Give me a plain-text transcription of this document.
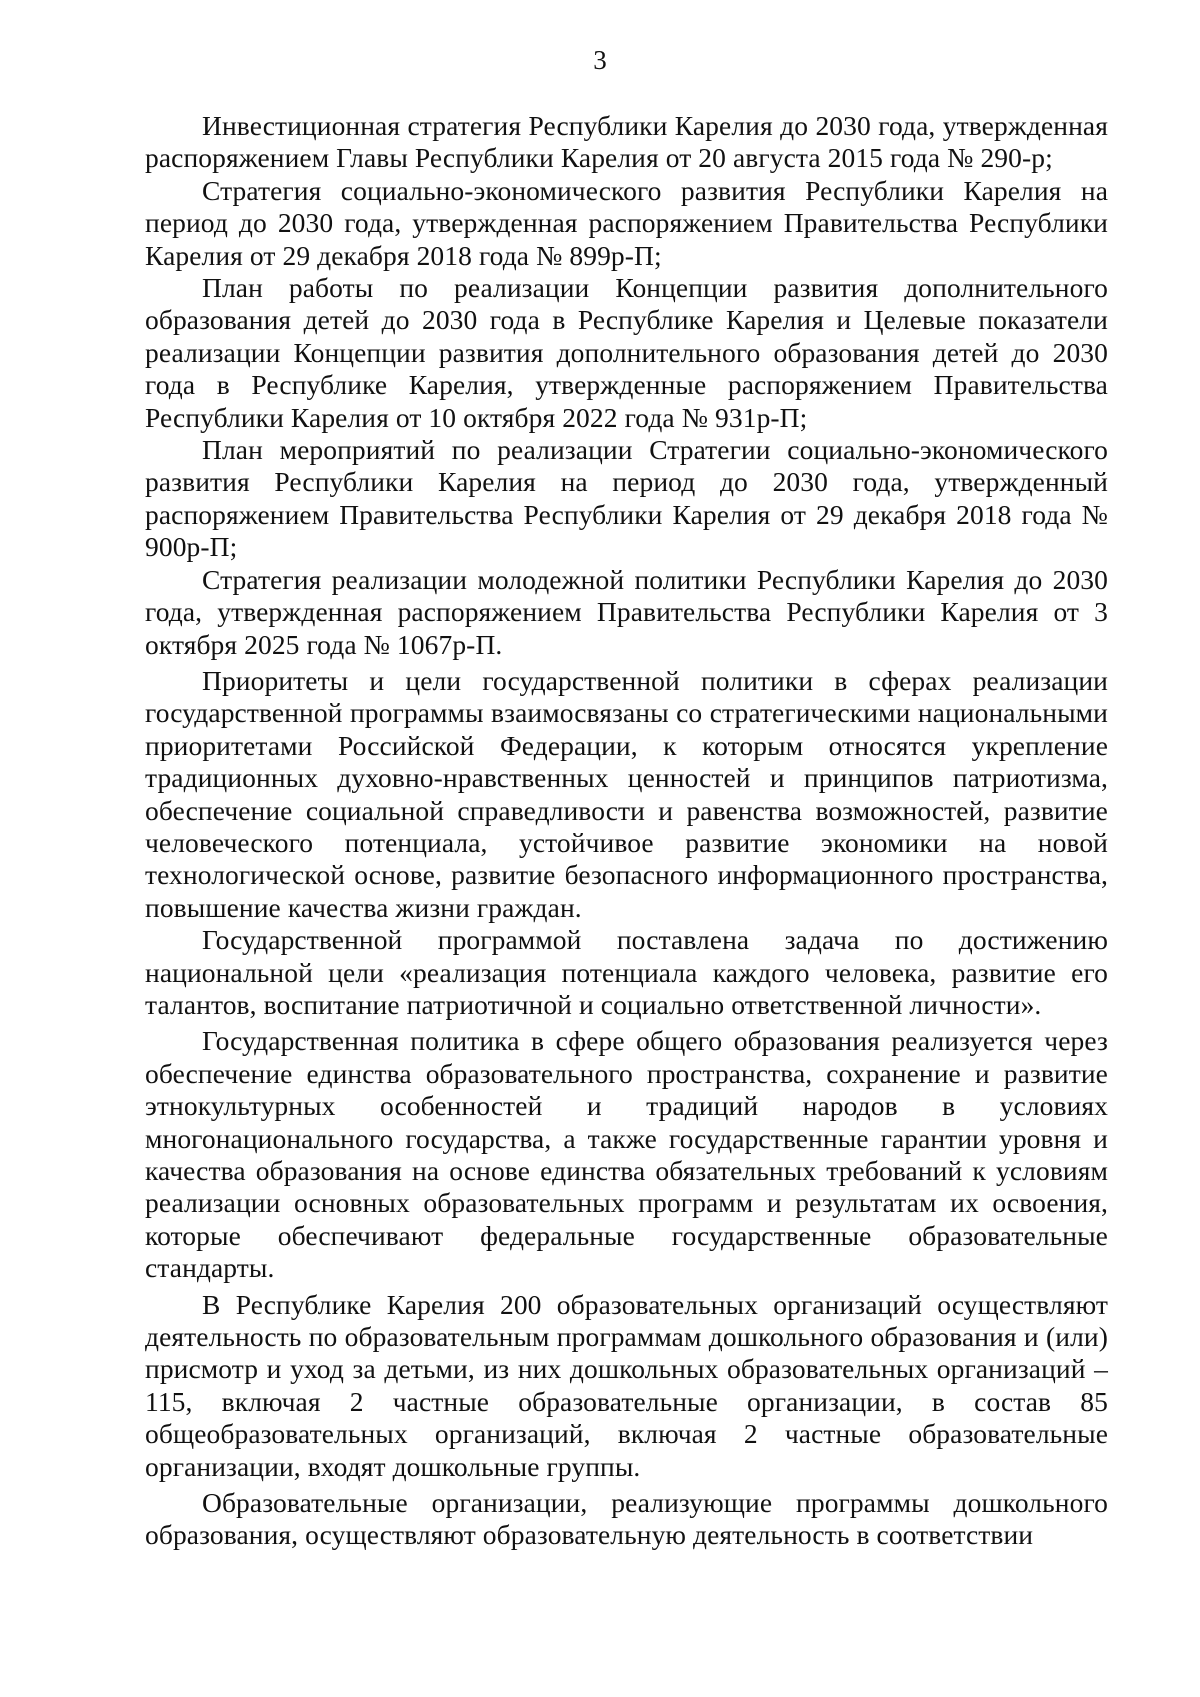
3

Инвестиционная стратегия Республики Карелия до 2030 года, утвержденная распоряжением Главы Республики Карелия от 20 августа 2015 года № 290-р;

Стратегия социально-экономического развития Республики Карелия на период до 2030 года, утвержденная распоряжением Правительства Республики Карелия от 29 декабря 2018 года № 899р-П;

План работы по реализации Концепции развития дополнительного образования детей до 2030 года в Республике Карелия и Целевые показатели реализации Концепции развития дополнительного образования детей до 2030 года в Республике Карелия, утвержденные распоряжением Правительства Республики Карелия от 10 октября 2022 года № 931р-П;

План мероприятий по реализации Стратегии социально-экономического развития Республики Карелия на период до 2030 года, утвержденный распоряжением Правительства Республики Карелия от 29 декабря 2018 года № 900р-П;

Стратегия реализации молодежной политики Республики Карелия до 2030 года, утвержденная распоряжением Правительства Республики Карелия от 3 октября 2025 года № 1067р-П.

Приоритеты и цели государственной политики в сферах реализации государственной программы взаимосвязаны со стратегическими национальными приоритетами Российской Федерации, к которым относятся укрепление традиционных духовно-нравственных ценностей и принципов патриотизма, обеспечение социальной справедливости и равенства возможностей, развитие человеческого потенциала, устойчивое развитие экономики на новой технологической основе, развитие безопасного информационного пространства, повышение качества жизни граждан.

Государственной программой поставлена задача по достижению национальной цели «реализация потенциала каждого человека, развитие его талантов, воспитание патриотичной и социально ответственной личности».

Государственная политика в сфере общего образования реализуется через обеспечение единства образовательного пространства, сохранение и развитие этнокультурных особенностей и традиций народов в условиях многонационального государства, а также государственные гарантии уровня и качества образования на основе единства обязательных требований к условиям реализации основных образовательных программ и результатам их освоения, которые обеспечивают федеральные государственные образовательные стандарты.

В Республике Карелия 200 образовательных организаций осуществляют деятельность по образовательным программам дошкольного образования и (или) присмотр и уход за детьми, из них дошкольных образовательных организаций – 115, включая 2 частные образовательные организации, в состав 85 общеобразовательных организаций, включая 2 частные образовательные организации, входят дошкольные группы.

Образовательные организации, реализующие программы дошкольного образования, осуществляют образовательную деятельность в соответствии
